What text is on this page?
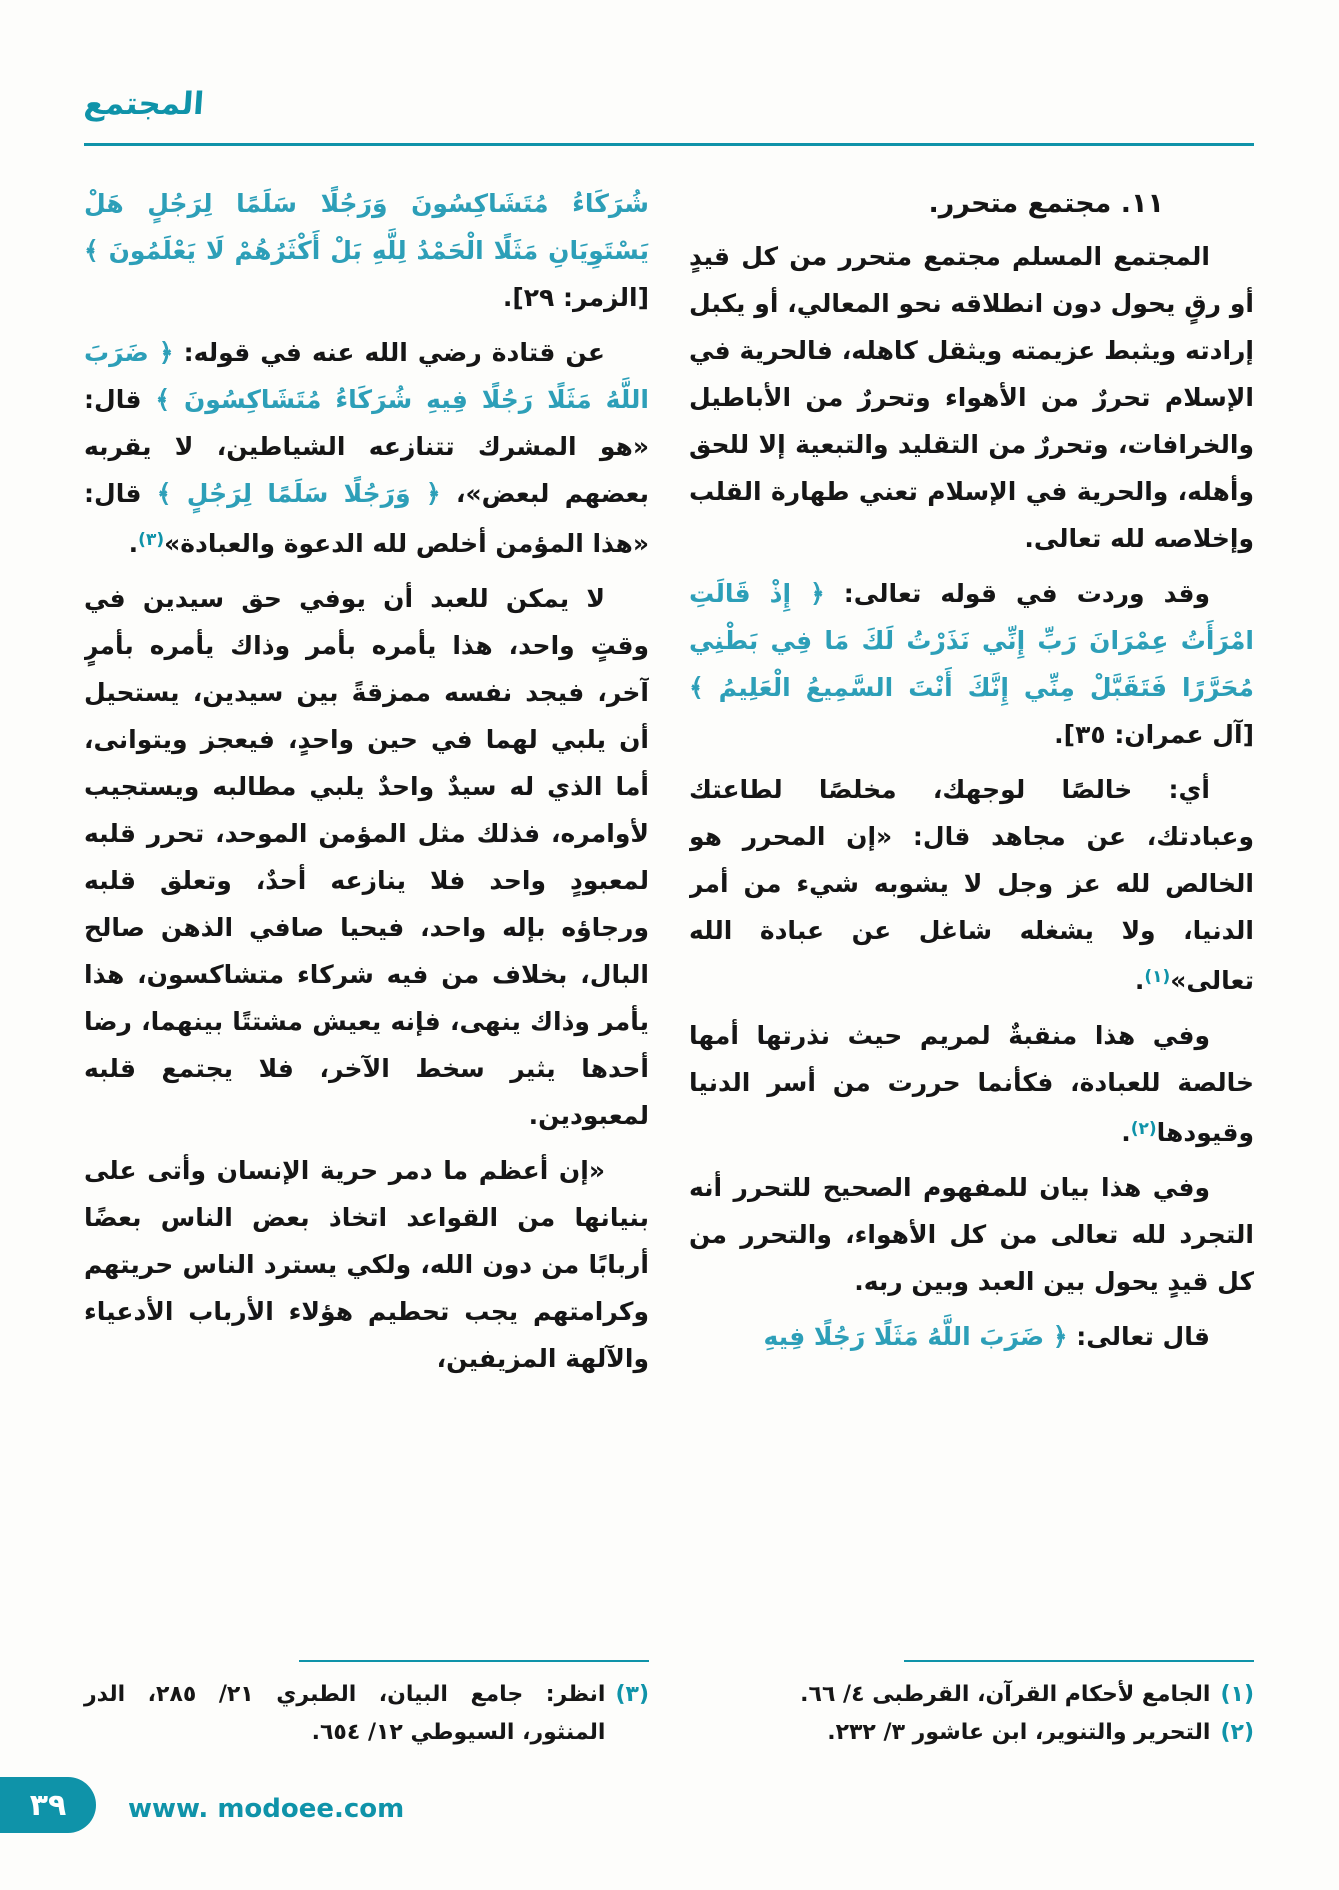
المجتمع

١١. مجتمع متحرر.

المجتمع المسلم مجتمع متحرر من كل قيدٍ أو رقٍ يحول دون انطلاقه نحو المعالي، أو يكبل إرادته ويثبط عزيمته ويثقل كاهله، فالحرية في الإسلام تحررٌ من الأهواء وتحررٌ من الأباطيل والخرافات، وتحررٌ من التقليد والتبعية إلا للحق وأهله، والحرية في الإسلام تعني طهارة القلب وإخلاصه لله تعالى.

وقد وردت في قوله تعالى: ﴿ إِذْ قَالَتِ امْرَأَتُ عِمْرَانَ رَبِّ إِنِّي نَذَرْتُ لَكَ مَا فِي بَطْنِي مُحَرَّرًا فَتَقَبَّلْ مِنِّي إِنَّكَ أَنْتَ السَّمِيعُ الْعَلِيمُ ﴾ [آل عمران: ٣٥].

أي: خالصًا لوجهك، مخلصًا لطاعتك وعبادتك، عن مجاهد قال: «إن المحرر هو الخالص لله عز وجل لا يشوبه شيء من أمر الدنيا، ولا يشغله شاغل عن عبادة الله تعالى»$^{(١)}$.

وفي هذا منقبةٌ لمريم حيث نذرتها أمها خالصة للعبادة، فكأنما حررت من أسر الدنيا وقيودها$^{(٢)}$.

وفي هذا بيان للمفهوم الصحيح للتحرر أنه التجرد لله تعالى من كل الأهواء، والتحرر من كل قيدٍ يحول بين العبد وبين ربه.

قال تعالى: ﴿ ضَرَبَ اللَّهُ مَثَلًا رَجُلًا فِيهِ

(١)
الجامع لأحكام القرآن، القرطبى ٤/ ٦٦.
(٢)
التحرير والتنوير، ابن عاشور ٣/ ٢٣٢.

شُرَكَاءُ مُتَشَاكِسُونَ وَرَجُلًا سَلَمًا لِرَجُلٍ هَلْ يَسْتَوِيَانِ مَثَلًا الْحَمْدُ لِلَّهِ بَلْ أَكْثَرُهُمْ لَا يَعْلَمُونَ ﴾ [الزمر: ٢٩].

عن قتادة رضي الله عنه في قوله: ﴿ ضَرَبَ اللَّهُ مَثَلًا رَجُلًا فِيهِ شُرَكَاءُ مُتَشَاكِسُونَ ﴾ قال: «هو المشرك تتنازعه الشياطين، لا يقربه بعضهم لبعض»، ﴿ وَرَجُلًا سَلَمًا لِرَجُلٍ ﴾ قال: «هذا المؤمن أخلص لله الدعوة والعبادة»$^{(٣)}$.

لا يمكن للعبد أن يوفي حق سيدين في وقتٍ واحد، هذا يأمره بأمر وذاك يأمره بأمرٍ آخر، فيجد نفسه ممزقةً بين سيدين، يستحيل أن يلبي لهما في حين واحدٍ، فيعجز ويتوانى، أما الذي له سيدٌ واحدٌ يلبي مطالبه ويستجيب لأوامره، فذلك مثل المؤمن الموحد، تحرر قلبه لمعبودٍ واحد فلا ينازعه أحدٌ، وتعلق قلبه ورجاؤه بإله واحد، فيحيا صافي الذهن صالح البال، بخلاف من فيه شركاء متشاكسون، هذا يأمر وذاك ينهى، فإنه يعيش مشتتًا بينهما، رضا أحدها يثير سخط الآخر، فلا يجتمع قلبه لمعبودين.

«إن أعظم ما دمر حرية الإنسان وأتى على بنيانها من القواعد اتخاذ بعض الناس بعضًا أربابًا من دون الله، ولكي يسترد الناس حريتهم وكرامتهم يجب تحطيم هؤلاء الأرباب الأدعياء والآلهة المزيفين،

(٣)
انظر: جامع البيان، الطبري ٢١/ ٢٨٥، الدر المنثور، السيوطي ١٢/ ٦٥٤.
٣٩ www. modoee.com
